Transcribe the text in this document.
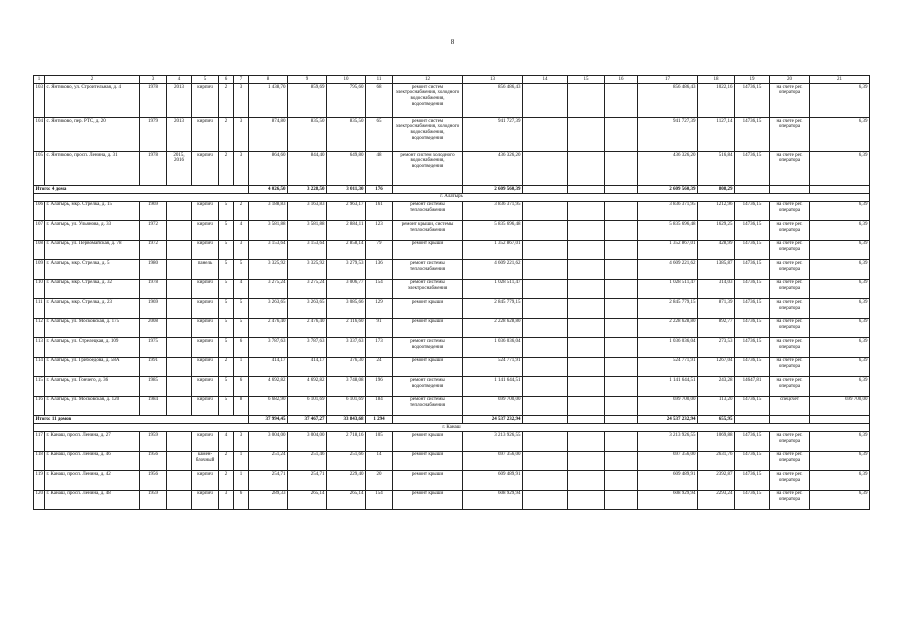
8
1	2	3	4	5	6	7	8	9	10	11	12	13	14	15	16	17	18	19	20	21
103	с. Янтиково, ул. Строительная, д. 4	1978	2013	кирпич	2	3	1 438,70	859,69	795,60	68	ремонт систем электроснабжения, холодного водоснабжения, водоотведения	856 486,43				856 486,43	1022,16	14736,15	на счете рег. оператора	6,39
104	с. Янтиково, пер. РТС, д. 20	1979	2013	кирпич	2	3	874,80	835,50	835,50	65	ремонт систем электроснабжения, холодного водоснабжения, водоотведения	941 727,39				941 727,39	1127,14	14736,15	на счете рег. оператора	6,39
105	с. Янтиково, просп. Ленина, д. 31	1978	2015, 2016	кирпич	2	3	864,60	844,40	649,80	48	ремонт систем холодного водоснабжения, водоотведения	436 326,20				436 326,20	516,84	14736,15	на счете рег. оператора	6,39
Итого: 4 дома							4 026,50	3 228,50	3 011,30	176		2 609 560,39				2 609 560,39	808,29			
г. Алатырь																				
106	г. Алатырь, мкр. Стрелка, д. 15	1969		кирпич	5	2	3 188,83	3 163,83	2 963,17	161	ремонт системы теплоснабжения	3 836 371,95				3 836 371,95	1212,96	14736,15	на счете рег. оператора	6,39
107	г. Алатырь, ул. Ульянова, д. 33	1972		кирпич	5	4	3 581,88	3 581,88	2 884,11	123	ремонт крыши, системы теплоснабжения	5 835 696,48				5 835 696,48	1629,25	14736,15	на счете рег. оператора	6,39
108	г. Алатырь, ул. Первомайская, д. 78	1972		кирпич	5	3	3 153,64	3 153,64	2 858,14	79	ремонт крыши	1 352 867,01				1 352 867,01	428,99	14736,15	на счете рег. оператора	6,39
109	г. Алатырь, мкр. Стрелка, д. 5	1980		панель	5	5	3 325,92	3 325,92	3 279,53	136	ремонт системы теплоснабжения	4 609 221,62				4 609 221,62	1385,87	14736,15	на счете рег. оператора	6,39
110	г. Алатырь, мкр. Стрелка, д. 32	1978		кирпич	5	4	3 275,24	3 275,24	3 006,77	154	ремонт системы электроснабжения	1 028 511,47				1 028 511,47	314,03	14736,15	на счете рег. оператора	6,39
111	г. Алатырь, мкр. Стрелка, д. 23	1969		кирпич	5	5	3 263,65	3 263,65	3 085,66	129	ремонт крыши	2 845 779,15				2 845 779,15	871,39	14736,15	на счете рег. оператора	6,39
112	г. Алатырь, ул. Московская, д. 175	2008		кирпич	5	5	2 476,40	2 476,40	2 116,60	91	ремонт крыши	2 228 628,80				2 228 628,80	892,77	14736,15	на счете рег. оператора	6,39
113	г. Алатырь, ул. Стрелецкая, д. 109	1975		кирпич	5	6	3 787,63	3 787,63	3 337,63	173	ремонт системы водоотведения	1 036 036,04				1 036 036,04	273,53	14736,15	на счете рег. оператора	6,39
114	г. Алатырь, ул. Грибоедова, д. 58А	1991		кирпич	2	1	414,17	414,17	376,30	24	ремонт крыши	524 771,91				524 771,91	1267,04	14736,15	на счете рег. оператора	6,39
115	г. Алатырь, ул. Гончего, д. 36	1985		кирпич	5	6	4 692,82	4 692,82	3 748,08	196	ремонт системы водоотведения	1 141 644,51				1 141 644,51	243,28	14647,81	на счете рег. оператора	6,39
116	г. Алатырь, ул. Московская, д. 120	1984		кирпич	5	8	6 682,90	6 101,69	6 101,69	184	ремонт системы теплоснабжения	699 700,00				699 700,00	113,20	14736,15	спецсчет	699 700,00
Итого: 11 домов							37 994,45	37 467,27	33 843,68	1 294		24 537 232,94				24 537 232,94	655,95			
г. Канаш																				
117	г. Канаш, просп. Ленина, д. 27	1959		кирпич	4	3	3 004,00	3 004,00	2 718,16	105	ремонт крыши	3 213 926,55				3 213 926,55	1069,88	14736,15	на счете рег. оператора	6,39
118	г. Канаш, просп. Ленина, д. 46	1956		камен-блочный	2	1	251,24	251,46	251,66	14	ремонт крыши	697 356,00				697 356,00	2631,76	14736,15	на счете рег. оператора	6,39
119	г. Канаш, просп. Ленина, д. 42	1956		кирпич	2	1	254,71	254,71	229,40	20	ремонт крыши	609 489,91				609 489,91	2392,87	14736,15	на счете рег. оператора	6,39
120	г. Канаш, просп. Ленина, д. 48	1959		кирпич	3	6	289,33	265,14	265,14	154	ремонт крыши	608 929,94				608 929,94	2293,24	14736,15	на счете рег. оператора	6,39
